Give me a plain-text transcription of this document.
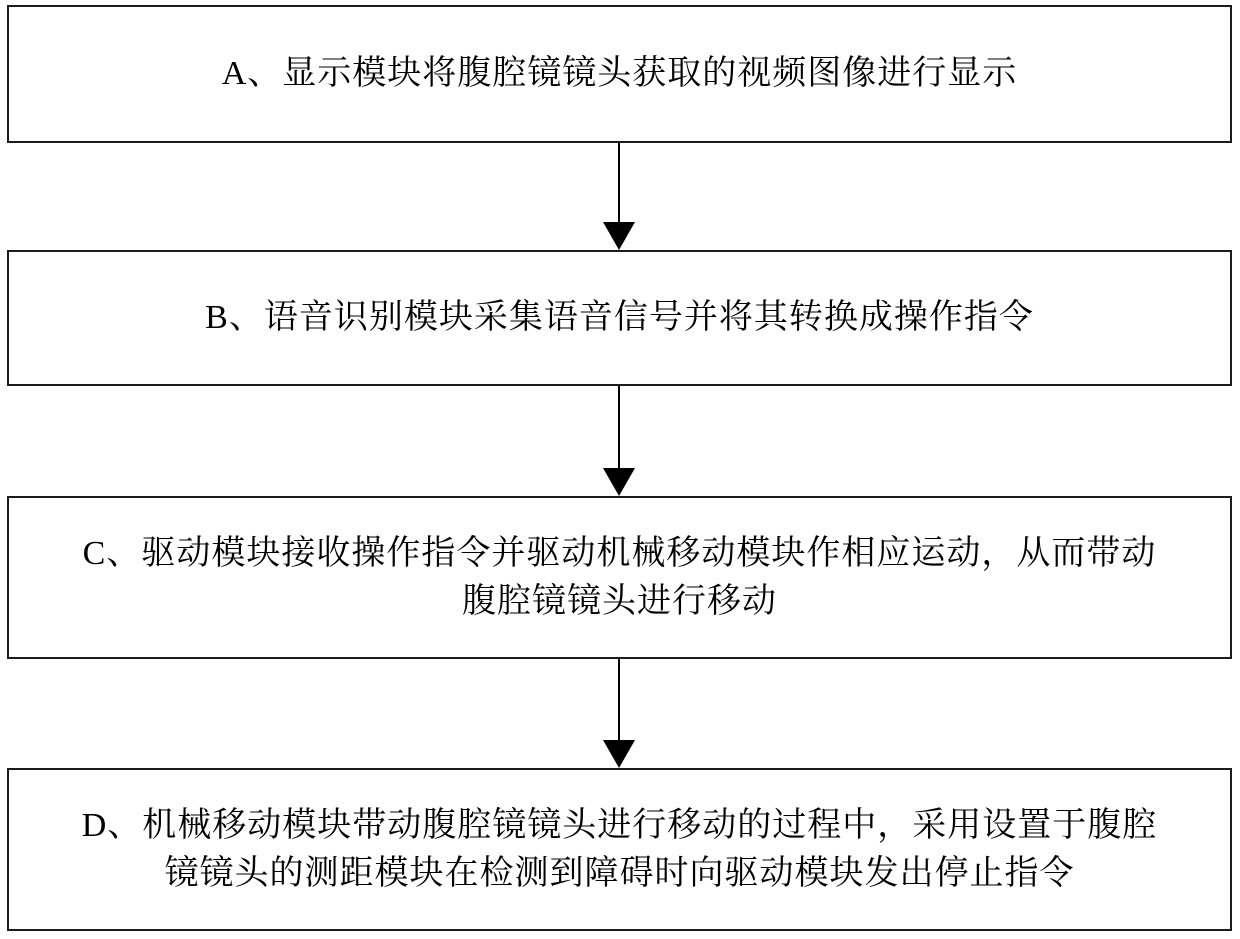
A、显示模块将腹腔镜镜头获取的视频图像进行显示
B、语音识别模块采集语音信号并将其转换成操作指令
C、驱动模块接收操作指令并驱动机械移动模块作相应运动，从而带动
腹腔镜镜头进行移动
D、机械移动模块带动腹腔镜镜头进行移动的过程中，采用设置于腹腔
镜镜头的测距模块在检测到障碍时向驱动模块发出停止指令
